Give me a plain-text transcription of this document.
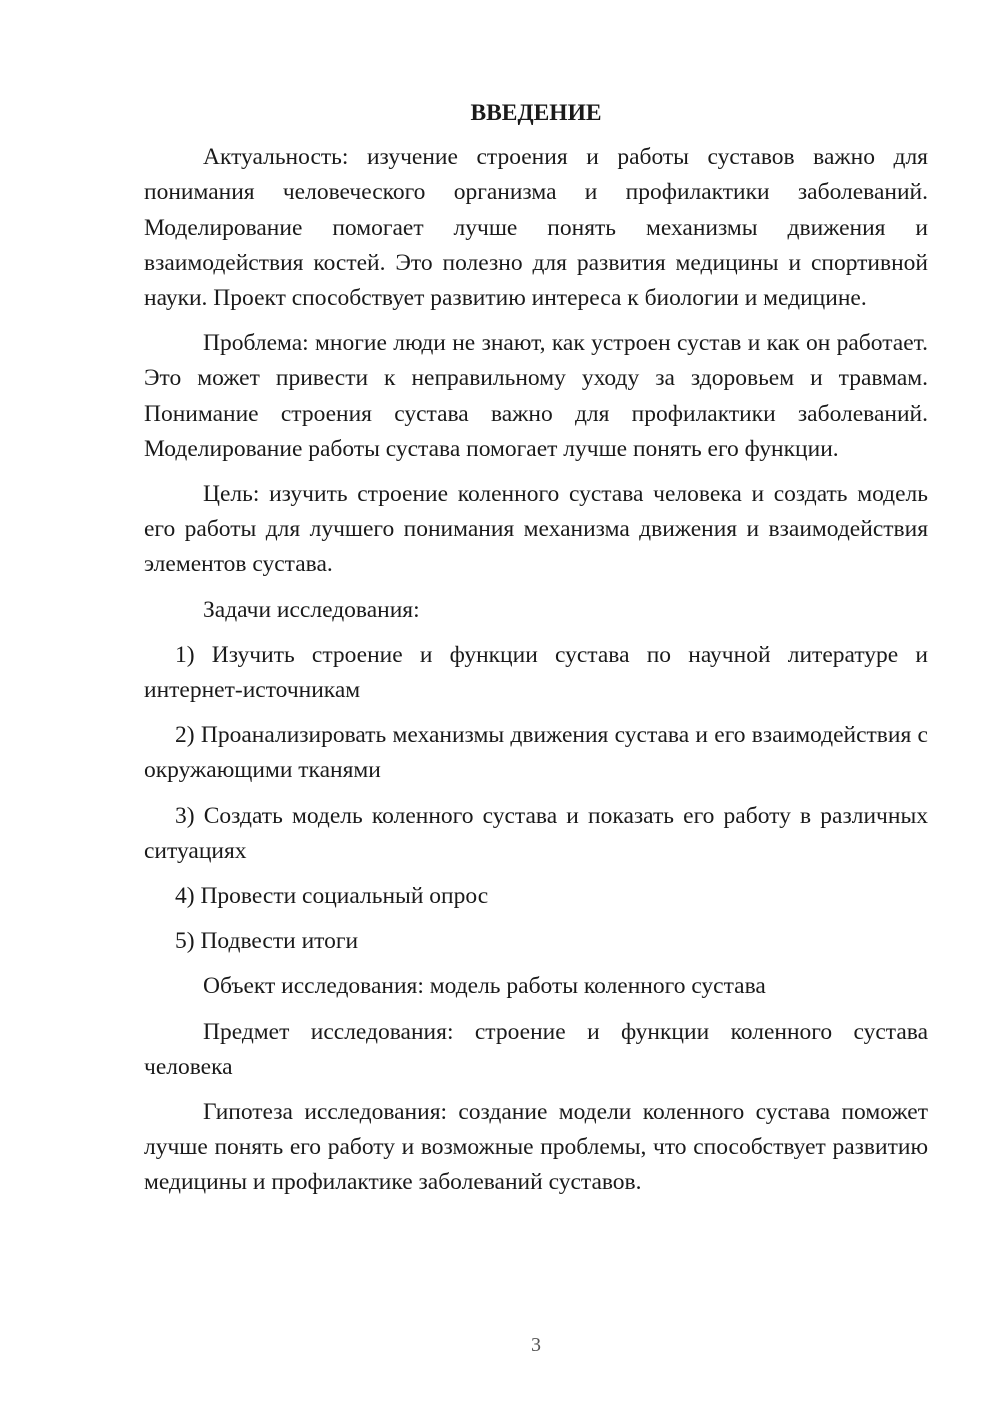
ВВЕДЕНИЕ

Актуальность: изучение строения и работы суставов важно для понимания человеческого организма и профилактики заболеваний. Моделирование помогает лучше понять механизмы движения и взаимодействия костей. Это полезно для развития медицины и спортивной науки. Проект способствует развитию интереса к биологии и медицине.

Проблема: многие люди не знают, как устроен сустав и как он работает. Это может привести к неправильному уходу за здоровьем и травмам. Понимание строения сустава важно для профилактики заболеваний. Моделирование работы сустава помогает лучше понять его функции.

Цель: изучить строение коленного сустава человека и создать модель его работы для лучшего понимания механизма движения и взаимодействия элементов сустава.

Задачи исследования:

1) Изучить строение и функции сустава по научной литературе и интернет-источникам

2) Проанализировать механизмы движения сустава и его взаимодействия с окружающими тканями

3) Создать модель коленного сустава и показать его работу в различных ситуациях

4) Провести социальный опрос

5) Подвести итоги

Объект исследования: модель работы коленного сустава

Предмет исследования: строение и функции коленного сустава человека

Гипотеза исследования: создание модели коленного сустава поможет лучше понять его работу и возможные проблемы, что способствует развитию медицины и профилактике заболеваний суставов.

3
